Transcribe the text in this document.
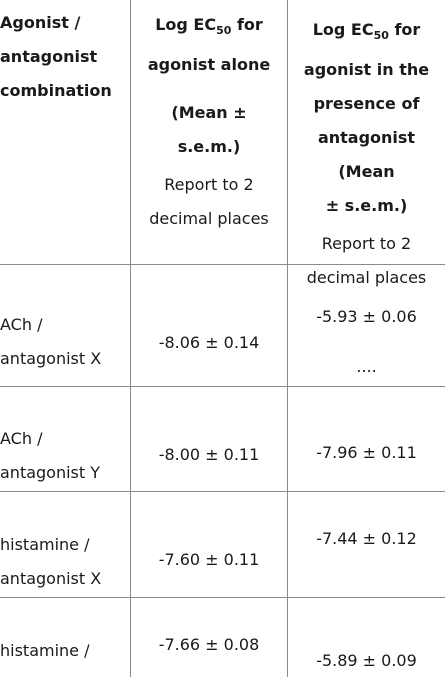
Agonist /
antagonist
combination
Log $EC_{50}$ for
agonist alone
(Mean ±
s.e.m.)
Report to 2
decimal places
Log $EC_{50}$ for
agonist in the
presence of
antagonist (Mean
± s.e.m.)
Report to 2
decimal places
ACh /
antagonist X
-8.06 ± 0.14
-5.93 ± 0.06
....
ACh /
antagonist Y
-8.00 ± 0.11	-7.96 ± 0.11
histamine /
antagonist X
-7.60 ± 0.11
-7.44 ± 0.12
histamine /	-7.66 ± 0.08
-5.89 ± 0.09
